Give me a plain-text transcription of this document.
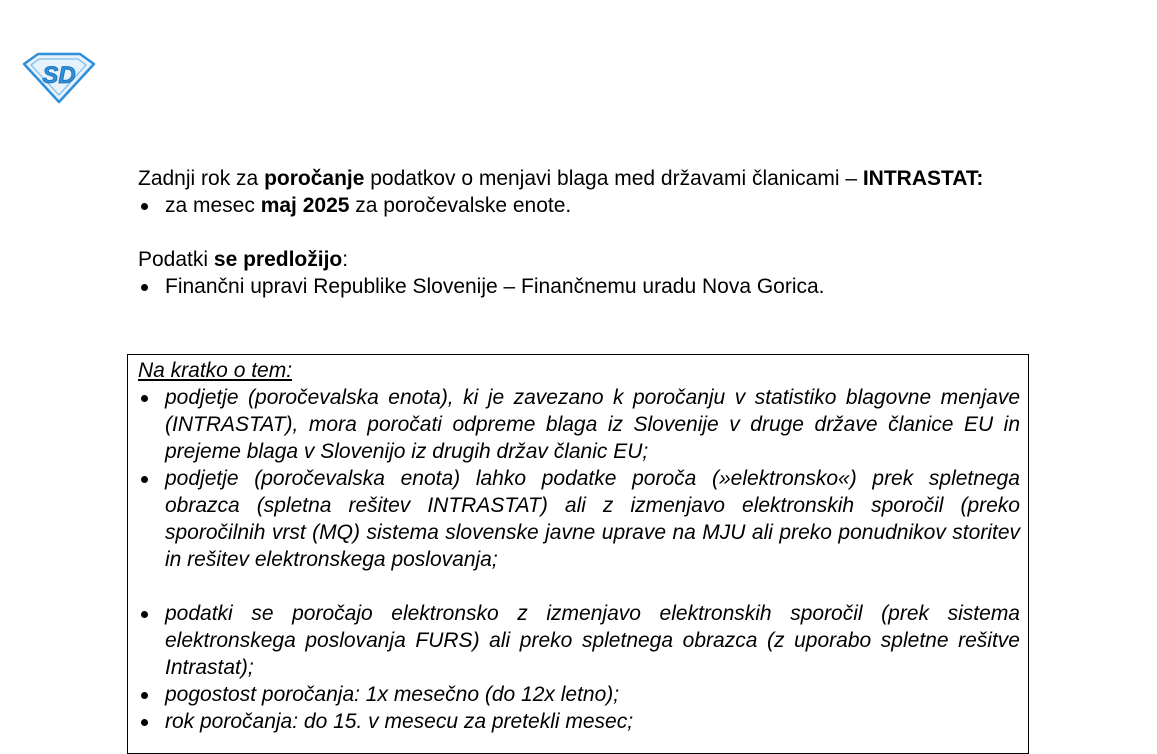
SD

Zadnji rok za poročanje podatkov o menjavi blaga med državami članicami – INTRASTAT:

za mesec maj 2025 za poročevalske enote.

Podatki se predložijo:

Finančni upravi Republike Slovenije – Finančnemu uradu Nova Gorica.

Na kratko o tem:

podjetje (poročevalska enota), ki je zavezano k poročanju v statistiko blagovne menjave (INTRASTAT), mora poročati odpreme blaga iz Slovenije v druge države članice EU in prejeme blaga v Slovenijo iz drugih držav članic EU;
podjetje (poročevalska enota) lahko podatke poroča (»elektronsko«) prek spletnega obrazca (spletna rešitev INTRASTAT) ali z izmenjavo elektronskih sporočil (preko sporočilnih vrst (MQ) sistema slovenske javne uprave na MJU ali preko ponudnikov storitev in rešitev elektronskega poslovanja;
podatki se poročajo elektronsko z izmenjavo elektronskih sporočil (prek sistema elektronskega poslovanja FURS) ali preko spletnega obrazca (z uporabo spletne rešitve Intrastat);
pogostost poročanja: 1x mesečno (do 12x letno);
rok poročanja: do 15. v mesecu za pretekli mesec;
